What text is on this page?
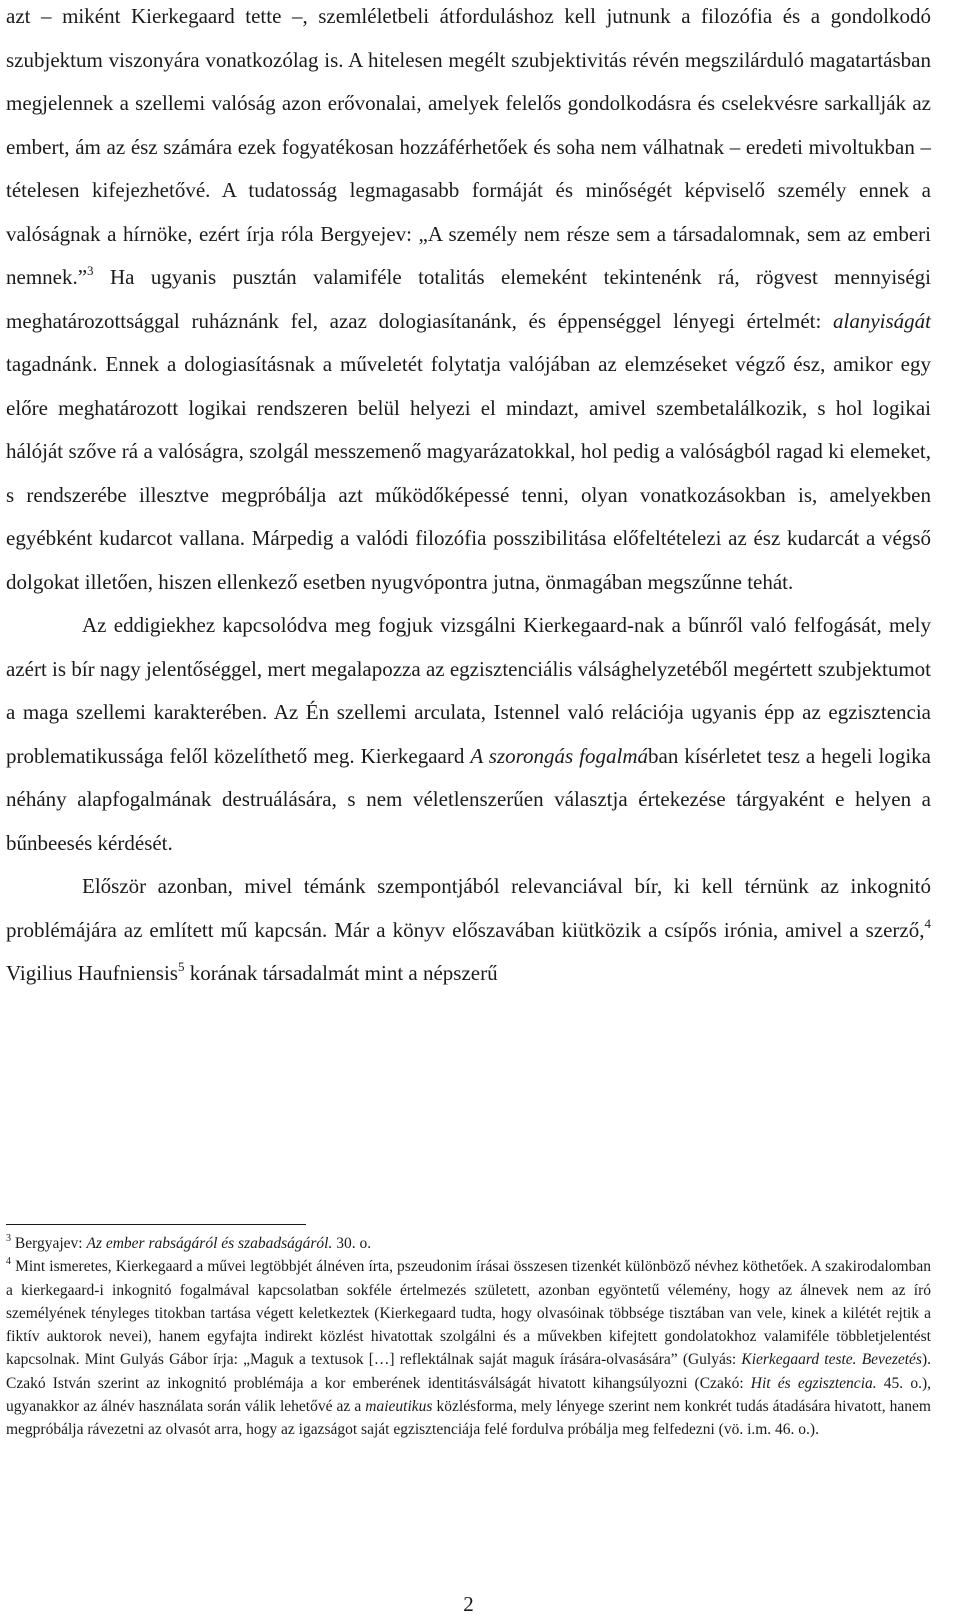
azt – miként Kierkegaard tette –, szemléletbeli átforduláshoz kell jutnunk a filozófia és a gondolkodó szubjektum viszonyára vonatkozólag is. A hitelesen megélt szubjektivitás révén megszilárduló magatartásban megjelennek a szellemi valóság azon erővonalai, amelyek felelős gondolkodásra és cselekvésre sarkallják az embert, ám az ész számára ezek fogyatékosan hozzáférhetőek és soha nem válhatnak – eredeti mivoltukban – tételesen kifejezhetővé. A tudatosság legmagasabb formáját és minőségét képviselő személy ennek a valóságnak a hírnöke, ezért írja róla Bergyejev: „A személy nem része sem a társadalomnak, sem az emberi nemnek.”$^3$ Ha ugyanis pusztán valamiféle totalitás elemeként tekintenénk rá, rögvest mennyiségi meghatározottsággal ruháznánk fel, azaz dologiasítanánk, és éppenséggel lényegi értelmét: alanyiságát tagadnánk. Ennek a dologiasításnak a műveletét folytatja valójában az elemzéseket végző ész, amikor egy előre meghatározott logikai rendszeren belül helyezi el mindazt, amivel szembetalálkozik, s hol logikai hálóját szőve rá a valóságra, szolgál messzemenő magyarázatokkal, hol pedig a valóságból ragad ki elemeket, s rendszerébe illesztve megpróbálja azt működőképessé tenni, olyan vonatkozásokban is, amelyekben egyébként kudarcot vallana. Márpedig a valódi filozófia posszibilitása előfeltételezi az ész kudarcát a végső dolgokat illetően, hiszen ellenkező esetben nyugvópontra jutna, önmagában megszűnne tehát.

Az eddigiekhez kapcsolódva meg fogjuk vizsgálni Kierkegaard-nak a bűnről való felfogását, mely azért is bír nagy jelentőséggel, mert megalapozza az egzisztenciális válsághelyzetéből megértett szubjektumot a maga szellemi karakterében. Az Én szellemi arculata, Istennel való relációja ugyanis épp az egzisztencia problematikussága felől közelíthető meg. Kierkegaard A szorongás fogalmában kísérletet tesz a hegeli logika néhány alapfogalmának destruálására, s nem véletlenszerűen választja értekezése tárgyaként e helyen a bűnbeesés kérdését.

Először azonban, mivel témánk szempontjából relevanciával bír, ki kell térnünk az inkognitó problémájára az említett mű kapcsán. Már a könyv előszavában kiütközik a csípős irónia, amivel a szerző,$^4$ Vigilius Haufniensis$^5$ korának társadalmát mint a népszerű

$^3$ Bergyajev: Az ember rabságáról és szabadságáról. 30. o.

$^4$ Mint ismeretes, Kierkegaard a művei legtöbbjét álnéven írta, pszeudonim írásai összesen tizenkét különböző névhez köthetőek. A szakirodalomban a kierkegaard-i inkognitó fogalmával kapcsolatban sokféle értelmezés született, azonban egyöntetű vélemény, hogy az álnevek nem az író személyének tényleges titokban tartása végett keletkeztek (Kierkegaard tudta, hogy olvasóinak többsége tisztában van vele, kinek a kilétét rejtik a fiktív auktorok nevei), hanem egyfajta indirekt közlést hivatottak szolgálni és a művekben kifejtett gondolatokhoz valamiféle többletjelentést kapcsolnak. Mint Gulyás Gábor írja: „Maguk a textusok […] reflektálnak saját maguk írására-olvasására” (Gulyás: Kierkegaard teste. Bevezetés). Czakó István szerint az inkognitó problémája a kor emberének identitásválságát hivatott kihangsúlyozni (Czakó: Hit és egzisztencia. 45. o.), ugyanakkor az álnév használata során válik lehetővé az a maieutikus közlésforma, mely lényege szerint nem konkrét tudás átadására hivatott, hanem megpróbálja rávezetni az olvasót arra, hogy az igazságot saját egzisztenciája felé fordulva próbálja meg felfedezni (vö. i.m. 46. o.).

2
